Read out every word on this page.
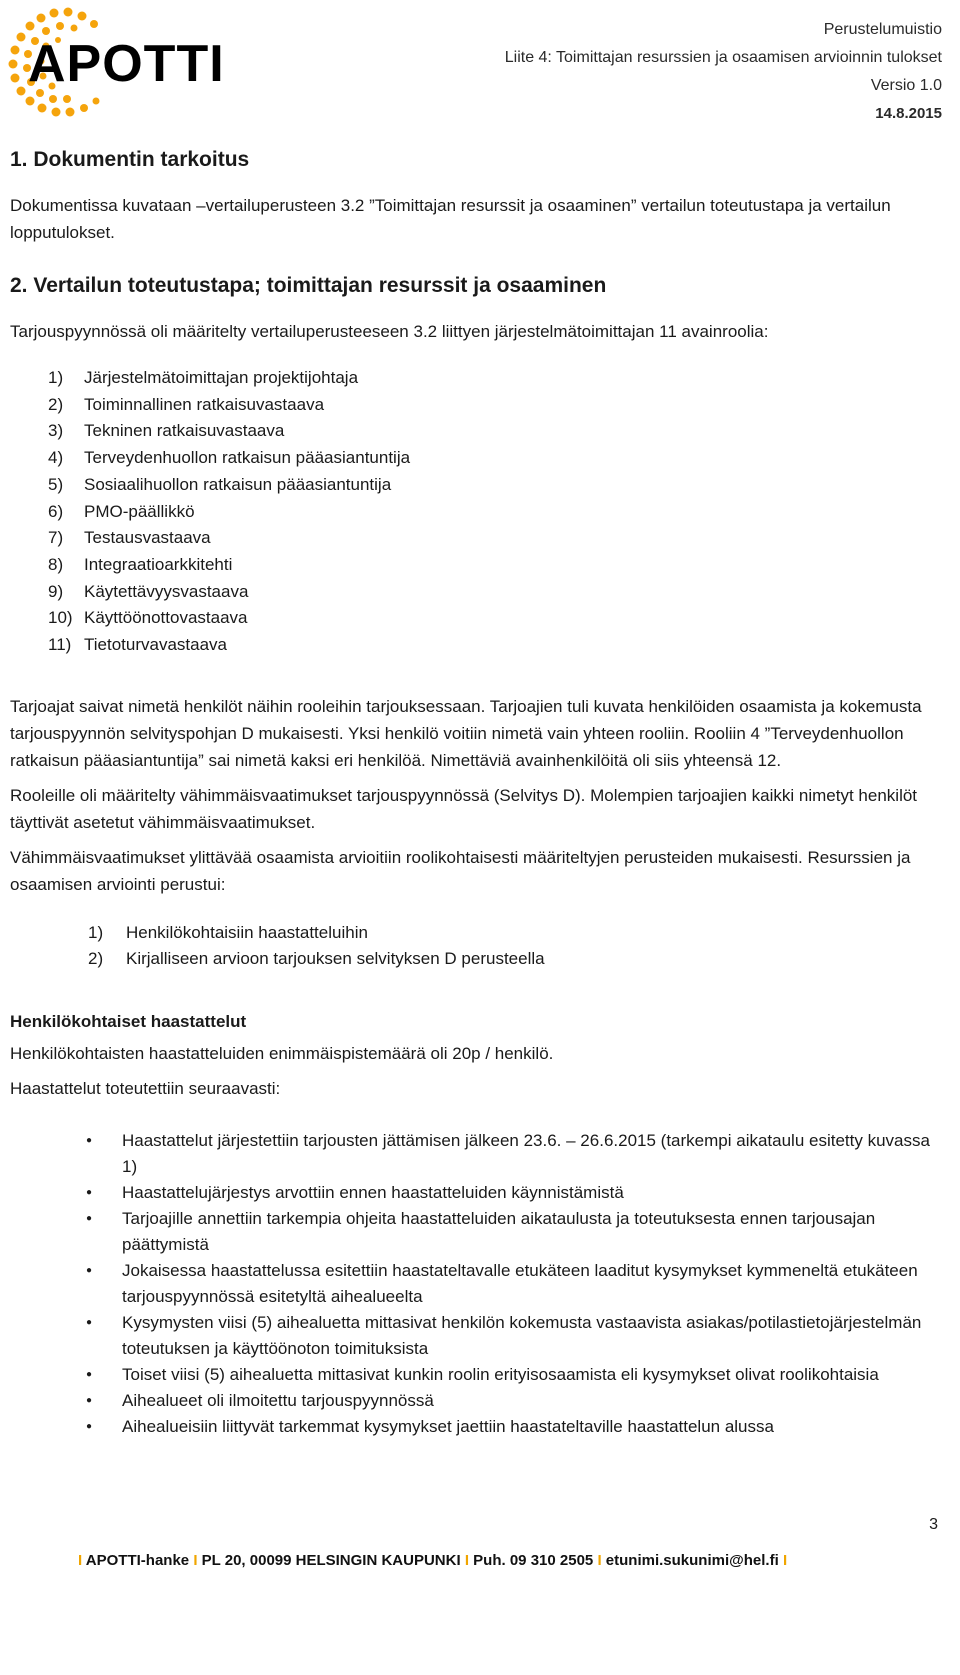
APOTTI
Perustelumuistio
Liite 4: Toimittajan resurssien ja osaamisen arvioinnin tulokset
Versio 1.0
14.8.2015
1. Dokumentin tarkoitus

Dokumentissa kuvataan –vertailuperusteen 3.2 ”Toimittajan resurssit ja osaaminen” vertailun toteutustapa ja vertailun lopputulokset.

2. Vertailun toteutustapa; toimittajan resurssit ja osaaminen

Tarjouspyynnössä oli määritelty vertailuperusteeseen 3.2 liittyen järjestelmätoimittajan 11 avainroolia:

1)	Järjestelmätoimittajan projektijohtaja
2)	Toiminnallinen ratkaisuvastaava
3)	Tekninen ratkaisuvastaava
4)	Terveydenhuollon ratkaisun pääasiantuntija
5)	Sosiaalihuollon ratkaisun pääasiantuntija
6)	PMO-päällikkö
7)	Testausvastaava
8)	Integraatioarkkitehti
9)	Käytettävyysvastaava
10) Käyttöönottovastaava
11) Tietoturvavastaava

Tarjoajat saivat nimetä henkilöt näihin rooleihin tarjouksessaan. Tarjoajien tuli kuvata henkilöiden osaamista ja kokemusta tarjouspyynnön selvityspohjan D mukaisesti. Yksi henkilö voitiin nimetä vain yhteen rooliin. Rooliin 4 ”Terveydenhuollon ratkaisun pääasiantuntija” sai nimetä kaksi eri henkilöä. Nimettäviä avainhenkilöitä oli siis yhteensä 12.

Rooleille oli määritelty vähimmäisvaatimukset tarjouspyynnössä (Selvitys D). Molempien tarjoajien kaikki nimetyt henkilöt täyttivät asetetut vähimmäisvaatimukset.

Vähimmäisvaatimukset ylittävää osaamista arvioitiin roolikohtaisesti määriteltyjen perusteiden mukaisesti. Resurssien ja osaamisen arviointi perustui:

1)	Henkilökohtaisiin haastatteluihin
2)	Kirjalliseen arvioon tarjouksen selvityksen D perusteella
Henkilökohtaiset haastattelut

Henkilökohtaisten haastatteluiden enimmäispistemäärä oli 20p / henkilö.

Haastattelut toteutettiin seuraavasti:

● Haastattelut järjestettiin tarjousten jättämisen jälkeen 23.6. – 26.6.2015 (tarkempi aikataulu esitetty kuvassa 1)
● Haastattelujärjestys arvottiin ennen haastatteluiden käynnistämistä
● Tarjoajille annettiin tarkempia ohjeita haastatteluiden aikataulusta ja toteutuksesta ennen tarjousajan päättymistä
● Jokaisessa haastattelussa esitettiin haastateltavalle etukäteen laaditut kysymykset kymmeneltä etukäteen tarjouspyynnössä esitetyltä aihealueelta
● Kysymysten viisi (5) aihealuetta mittasivat henkilön kokemusta vastaavista asiakas/potilastietojärjestelmän toteutuksen ja käyttöönoton toimituksista
● Toiset viisi (5) aihealuetta mittasivat kunkin roolin erityisosaamista eli kysymykset olivat roolikohtaisia
● Aihealueet oli ilmoitettu tarjouspyynnössä
● Aihealueisiin liittyvät tarkemmat kysymykset jaettiin haastateltaville haastattelun alussa
3
I APOTTI-hanke I PL 20, 00099 HELSINGIN KAUPUNKI I Puh. 09 310 2505 I etunimi.sukunimi@hel.fi I
